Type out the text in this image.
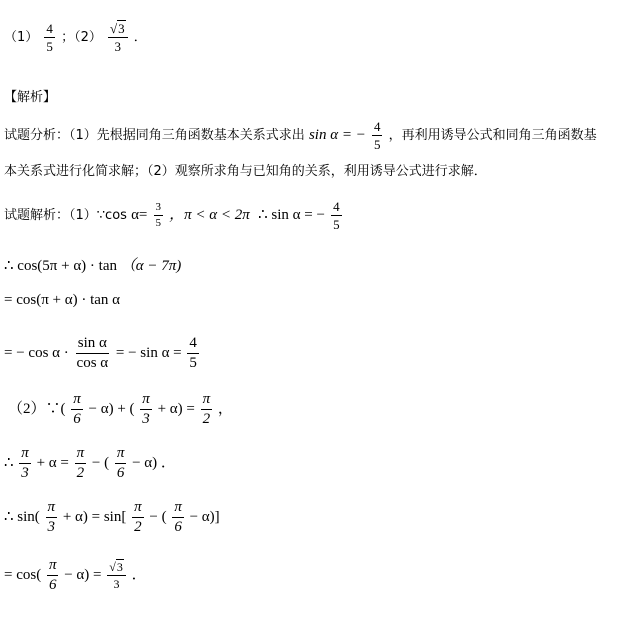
$(1) \frac{4}{5}$ ；$(2) \frac{√3}{3}$ ．
【解析】
试题分析：（1）先根据同角三角函数基本关系式求出 sin α = − $\frac{4}{5}$ ，再利用诱导公式和同角三角函数基
本关系式进行化简求解；（2）观察所求角与已知角的关系，利用诱导公式进行求解．
试题解析：（1）∵cos $\alpha= \frac{3}{5}$ ，π < α < 2π ∴ sin α = − $\frac{4}{5}$
∴ cos(5π + α) · tan （α − 7π)
= cos(π + α) · tan α
= − $\cos \alpha \cdot \frac{\text{sin α}}{\text{cos α}}$ = − $\sin \alpha = \frac{4}{5}$
（2）∵( $\frac{\pi}{6} - \alpha$) + ( $\frac{\pi}{3} + \alpha) = \frac{\pi}{2}$ ，
∴ $\frac{\pi}{3} + \alpha = \frac{\pi}{2}$ − ( $\frac{\pi}{6} - \alpha$) ．
∴ $\sin( \frac{\pi}{3} + \alpha) = \sin[ \frac{\pi}{2}$ − ( $\frac{\pi}{6} - \alpha$)]
= $\cos( \frac{\pi}{6} - \alpha) = \frac{√3}{3}$ ．
